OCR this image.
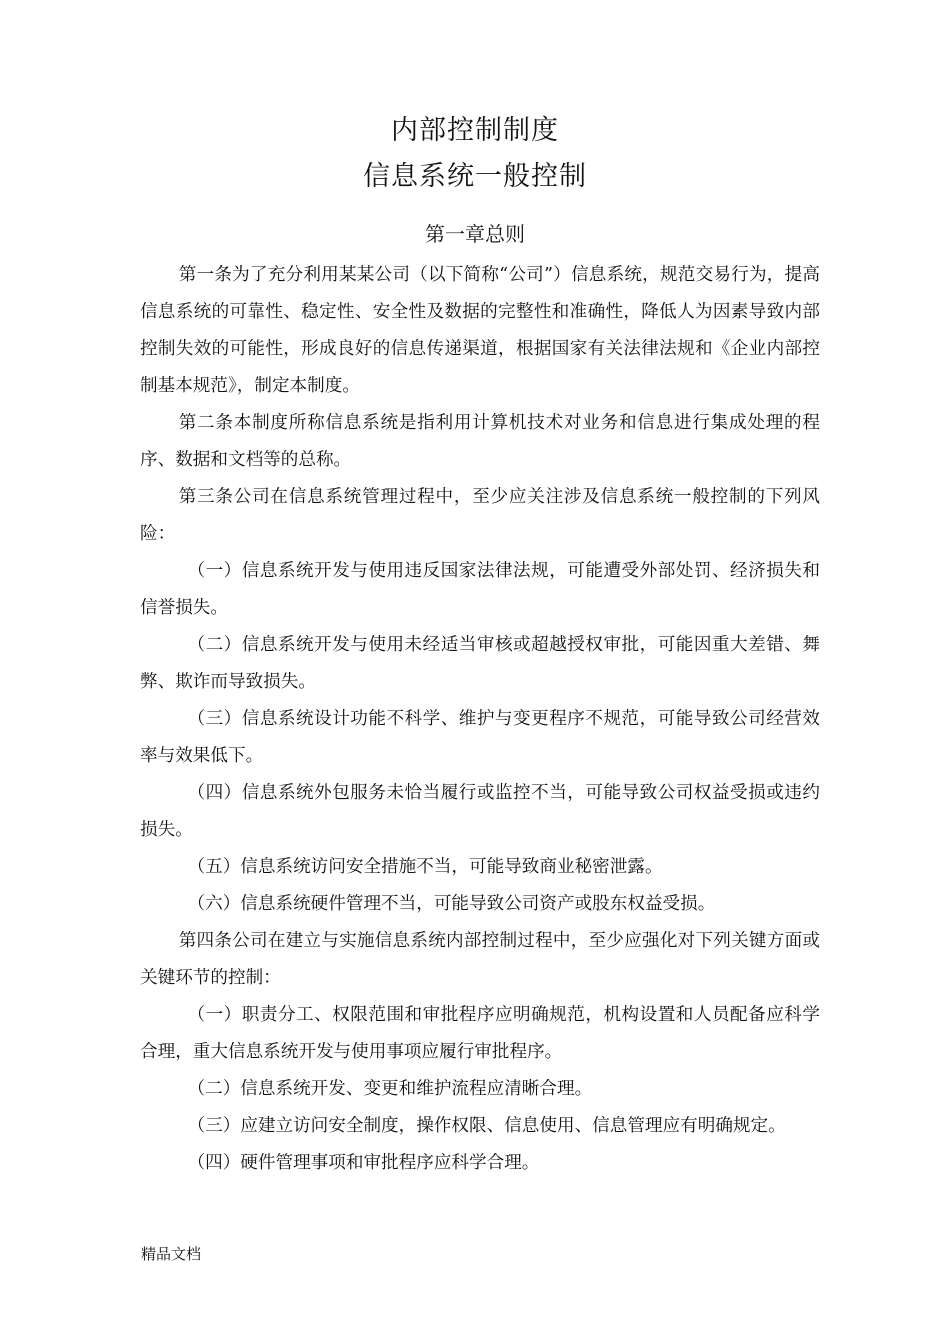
内部控制制度
信息系统一般控制
第一章总则

第一条为了充分利用某某公司（以下简称“公司”）信息系统，规范交易行为，提高信息系统的可靠性、稳定性、安全性及数据的完整性和准确性，降低人为因素导致内部控制失效的可能性，形成良好的信息传递渠道，根据国家有关法律法规和《企业内部控制基本规范》，制定本制度。

第二条本制度所称信息系统是指利用计算机技术对业务和信息进行集成处理的程序、数据和文档等的总称。

第三条公司在信息系统管理过程中，至少应关注涉及信息系统一般控制的下列风险：

（一）信息系统开发与使用违反国家法律法规，可能遭受外部处罚、经济损失和信誉损失。

（二）信息系统开发与使用未经适当审核或超越授权审批，可能因重大差错、舞弊、欺诈而导致损失。

（三）信息系统设计功能不科学、维护与变更程序不规范，可能导致公司经营效率与效果低下。

（四）信息系统外包服务未恰当履行或监控不当，可能导致公司权益受损或违约损失。

（五）信息系统访问安全措施不当，可能导致商业秘密泄露。

（六）信息系统硬件管理不当，可能导致公司资产或股东权益受损。

第四条公司在建立与实施信息系统内部控制过程中，至少应强化对下列关键方面或关键环节的控制：

（一）职责分工、权限范围和审批程序应明确规范，机构设置和人员配备应科学合理，重大信息系统开发与使用事项应履行审批程序。

（二）信息系统开发、变更和维护流程应清晰合理。

（三）应建立访问安全制度，操作权限、信息使用、信息管理应有明确规定。

（四）硬件管理事项和审批程序应科学合理。

精品文档
